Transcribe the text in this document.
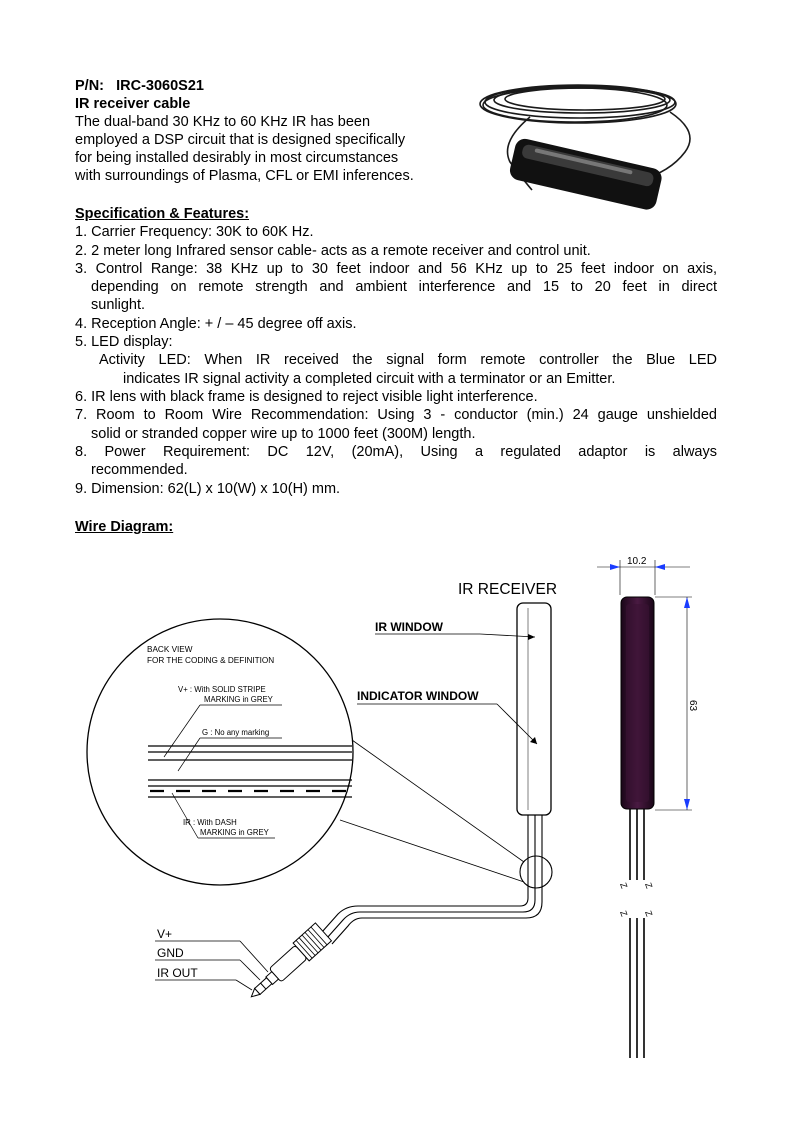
P/N: IRC-3060S21
IR receiver cable
The dual-band 30 KHz to 60 KHz IR has been
employed a DSP circuit that is designed specifically
for being installed desirably in most circumstances
with surroundings of Plasma, CFL or EMI inferences.
Specification & Features:
1. Carrier Frequency: 30K to 60K Hz.
2. 2 meter long Infrared sensor cable- acts as a remote receiver and control unit.
3. Control Range: 38 KHz up to 30 feet indoor and 56 KHz up to 25 feet indoor on axis,
depending on remote strength and ambient interference and 15 to 20 feet in direct
sunlight.
4. Reception Angle: + / – 45 degree off axis.
5. LED display:
Activity LED: When IR received the signal form remote controller the Blue LED
indicates IR signal activity a completed circuit with a terminator or an Emitter.
6. IR lens with black frame is designed to reject visible light interference.
7. Room to Room Wire Recommendation: Using 3 - conductor (min.) 24 gauge unshielded
solid or stranded copper wire up to 1000 feet (300M) length.
8. Power Requirement: DC 12V, (20mA), Using a regulated adaptor is always
recommended.
9. Dimension: 62(L) x 10(W) x 10(H) mm.
Wire Diagram:
BACK VIEW
FOR THE CODING & DEFINITION
V+ : With SOLID STRIPE
MARKING in GREY
G : No any marking
IR : With DASH
MARKING in GREY
IR RECEIVER
IR WINDOW
INDICATOR WINDOW
V+
GND
IR OUT
10.2
63
Z Z
Z Z
